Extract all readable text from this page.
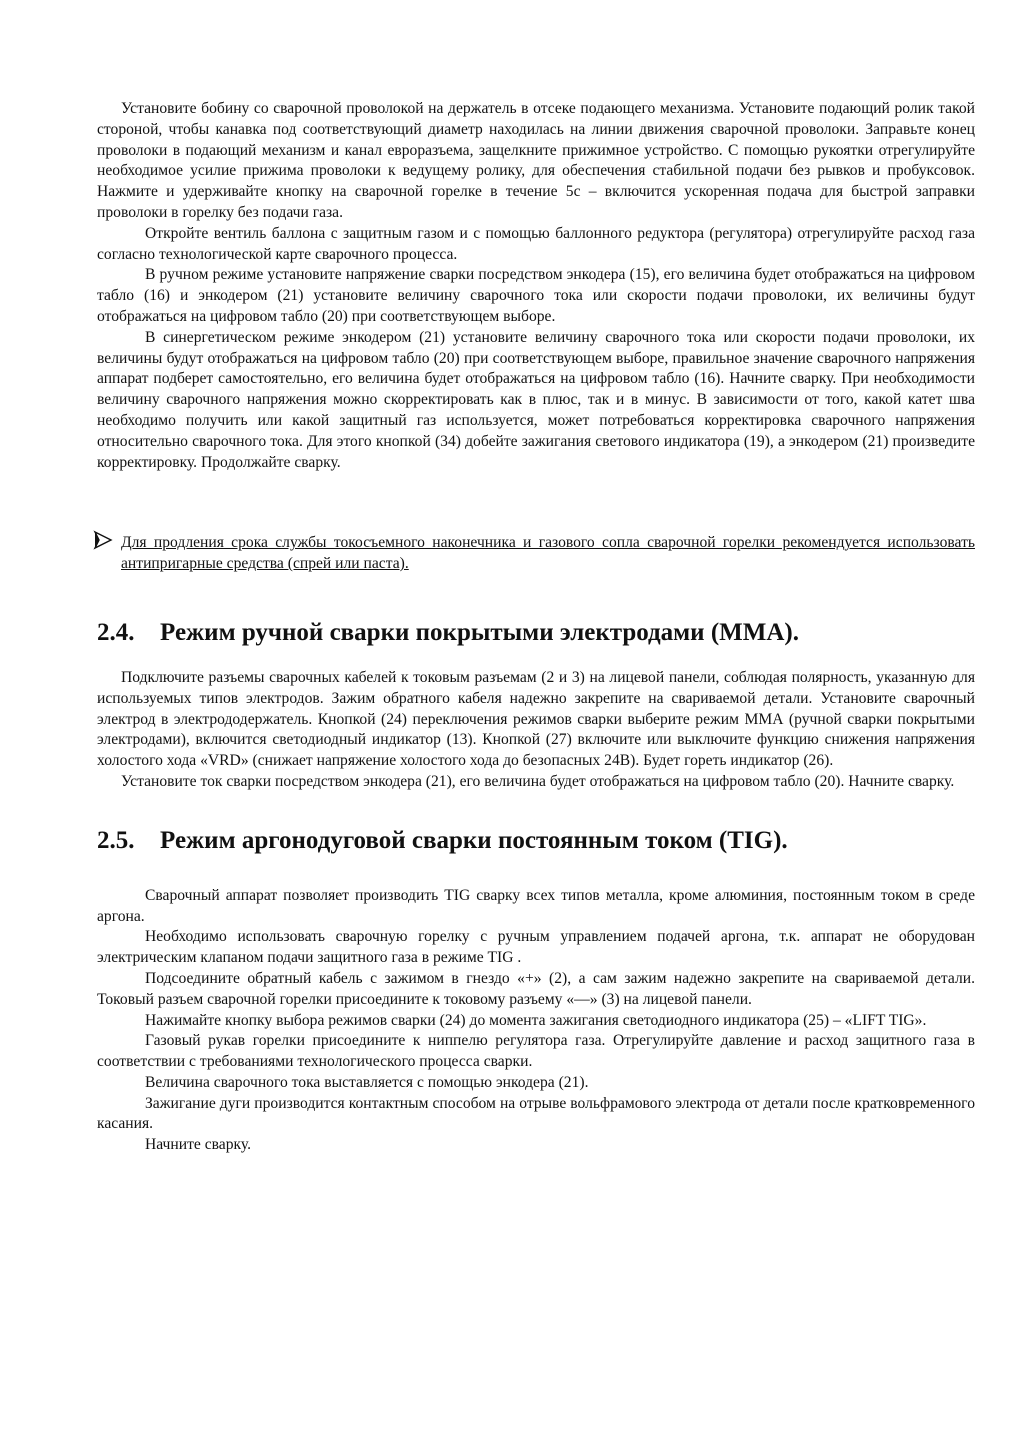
Установите бобину со сварочной проволокой на держатель в отсеке подающего механизма. Установите подающий ролик такой стороной, чтобы канавка под соответствующий диаметр находилась на линии движения сварочной проволоки. Заправьте конец проволоки в подающий механизм и канал евроразъема, защелкните прижимное устройство. С помощью рукоятки отрегулируйте необходимое усилие прижима проволоки к ведущему ролику, для обеспечения стабильной подачи без рывков и пробуксовок. Нажмите и удерживайте кнопку на сварочной горелке в течение 5с – включится ускоренная подача для быстрой заправки проволоки в горелку без подачи газа.

Откройте вентиль баллона с защитным газом и с помощью баллонного редуктора (регулятора) отрегулируйте расход газа согласно технологической карте сварочного процесса.

В ручном режиме установите напряжение сварки посредством энкодера (15), его величина будет отображаться на цифровом табло (16) и энкодером (21) установите величину сварочного тока или скорости подачи проволоки, их величины будут отображаться на цифровом табло (20) при соответствующем выборе.

В синергетическом режиме энкодером (21) установите величину сварочного тока или скорости подачи проволоки, их величины будут отображаться на цифровом табло (20) при соответствующем выборе, правильное значение сварочного напряжения аппарат подберет самостоятельно, его величина будет отображаться на цифровом табло (16). Начните сварку. При необходимости величину сварочного напряжения можно скорректировать как в плюс, так и в минус. В зависимости от того, какой катет шва необходимо получить или какой защитный газ используется, может потребоваться корректировка сварочного напряжения относительно сварочного тока. Для этого кнопкой (34) добейте зажигания светового индикатора (19), а энкодером (21) произведите корректировку. Продолжайте сварку.

Для продления срока службы токосъемного наконечника и газового сопла сварочной горелки рекомендуется использовать антипригарные средства (спрей или паста).
2.4. Режим ручной сварки покрытыми электродами (ММА).

Подключите разъемы сварочных кабелей к токовым разъемам (2 и 3) на лицевой панели, соблюдая полярность, указанную для используемых типов электродов. Зажим обратного кабеля надежно закрепите на свариваемой детали. Установите сварочный электрод в электрододержатель. Кнопкой (24) переключения режимов сварки выберите режим ММА (ручной сварки покрытыми электродами), включится светодиодный индикатор (13). Кнопкой (27) включите или выключите функцию снижения напряжения холостого хода «VRD» (снижает напряжение холостого хода до безопасных 24В). Будет гореть индикатор (26).

Установите ток сварки посредством энкодера (21), его величина будет отображаться на цифровом табло (20). Начните сварку.

2.5. Режим аргонодуговой сварки постоянным током (TIG).

Сварочный аппарат позволяет производить TIG сварку всех типов металла, кроме алюминия, постоянным током в среде аргона.

Необходимо использовать сварочную горелку с ручным управлением подачей аргона, т.к. аппарат не оборудован электрическим клапаном подачи защитного газа в режиме TIG .

Подсоедините обратный кабель с зажимом в гнездо «+» (2), а сам зажим надежно закрепите на свариваемой детали. Токовый разъем сварочной горелки присоедините к токовому разъему «—» (3) на лицевой панели.

Нажимайте кнопку выбора режимов сварки (24) до момента зажигания светодиодного индикатора (25) – «LIFT TIG».

Газовый рукав горелки присоедините к ниппелю регулятора газа. Отрегулируйте давление и расход защитного газа в соответствии с требованиями технологического процесса сварки.

Величина сварочного тока выставляется с помощью энкодера (21).

Зажигание дуги производится контактным способом на отрыве вольфрамового электрода от детали после кратковременного касания.

Начните сварку.
